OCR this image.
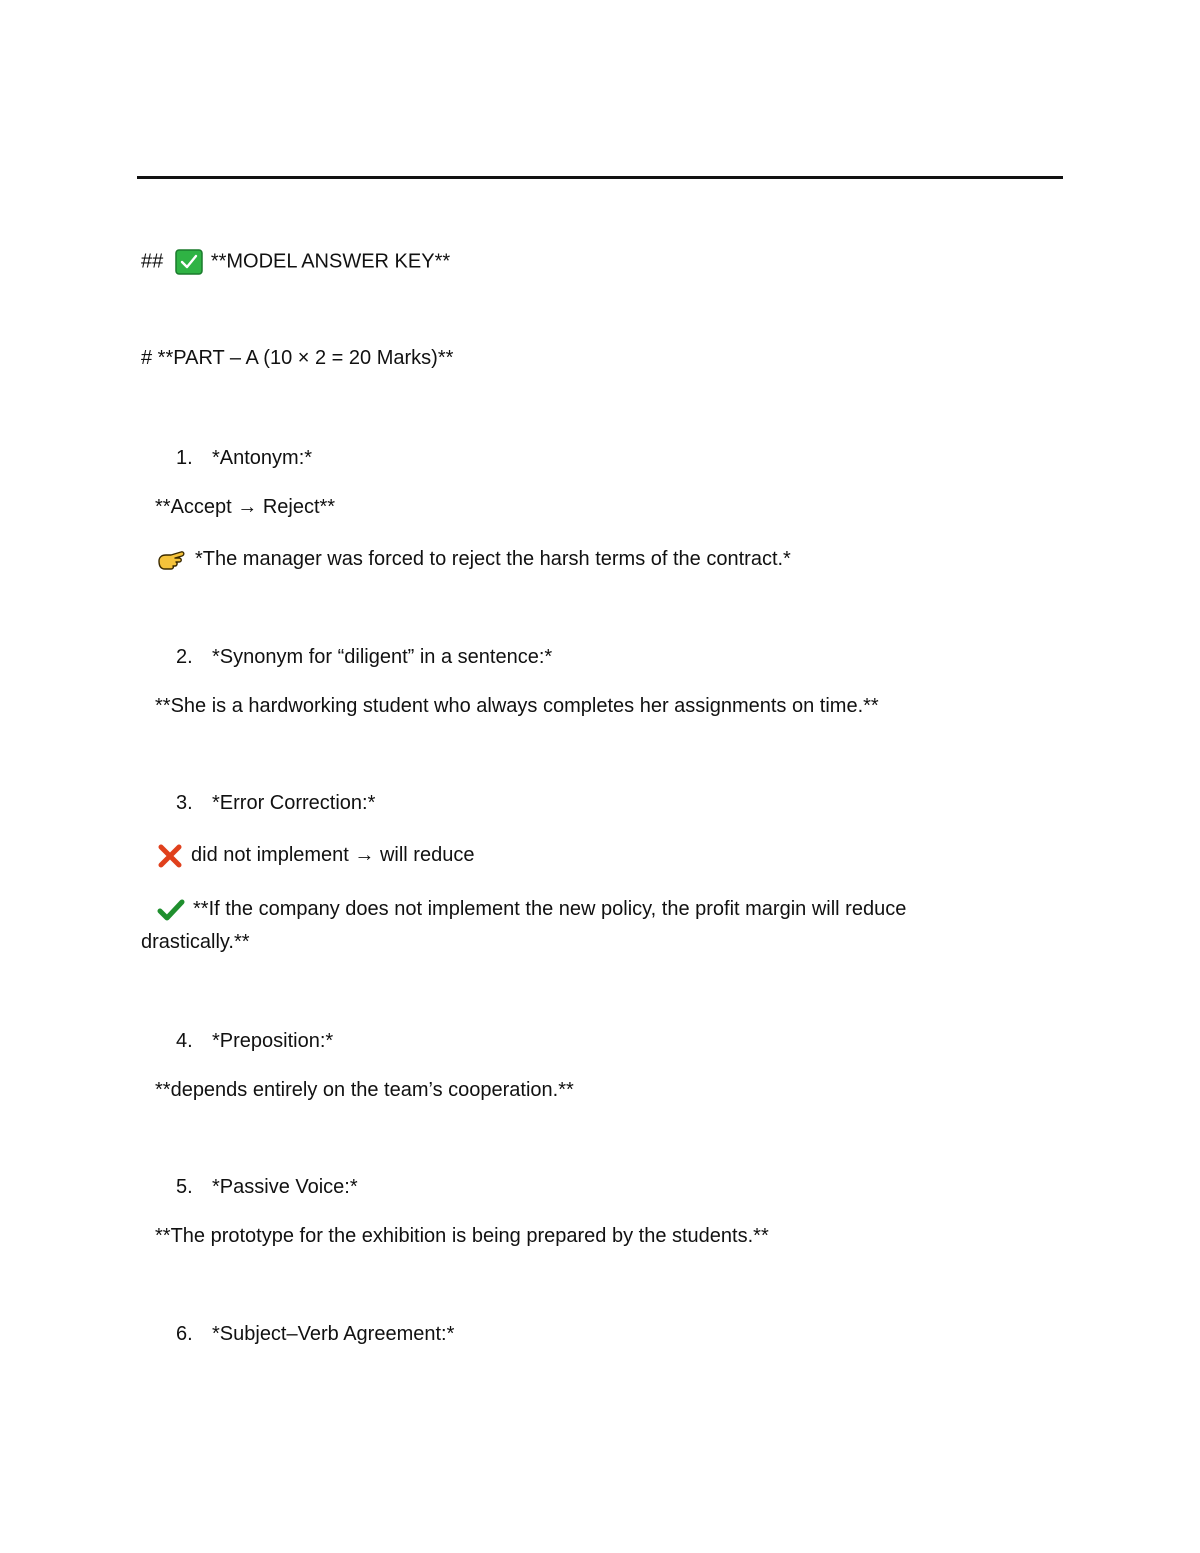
## **MODEL ANSWER KEY**
# **PART – A (10 × 2 = 20 Marks)**
1. *Antonym:*
**Accept → Reject**
*The manager was forced to reject the harsh terms of the contract.*
2. *Synonym for “diligent” in a sentence:*
**She is a hardworking student who always completes her assignments on time.**
3. *Error Correction:*
did not implement → will reduce
**If the company does not implement the new policy, the profit margin will reduce
drastically.**
4. *Preposition:*
**depends entirely on the team’s cooperation.**
5. *Passive Voice:*
**The prototype for the exhibition is being prepared by the students.**
6. *Subject–Verb Agreement:*
